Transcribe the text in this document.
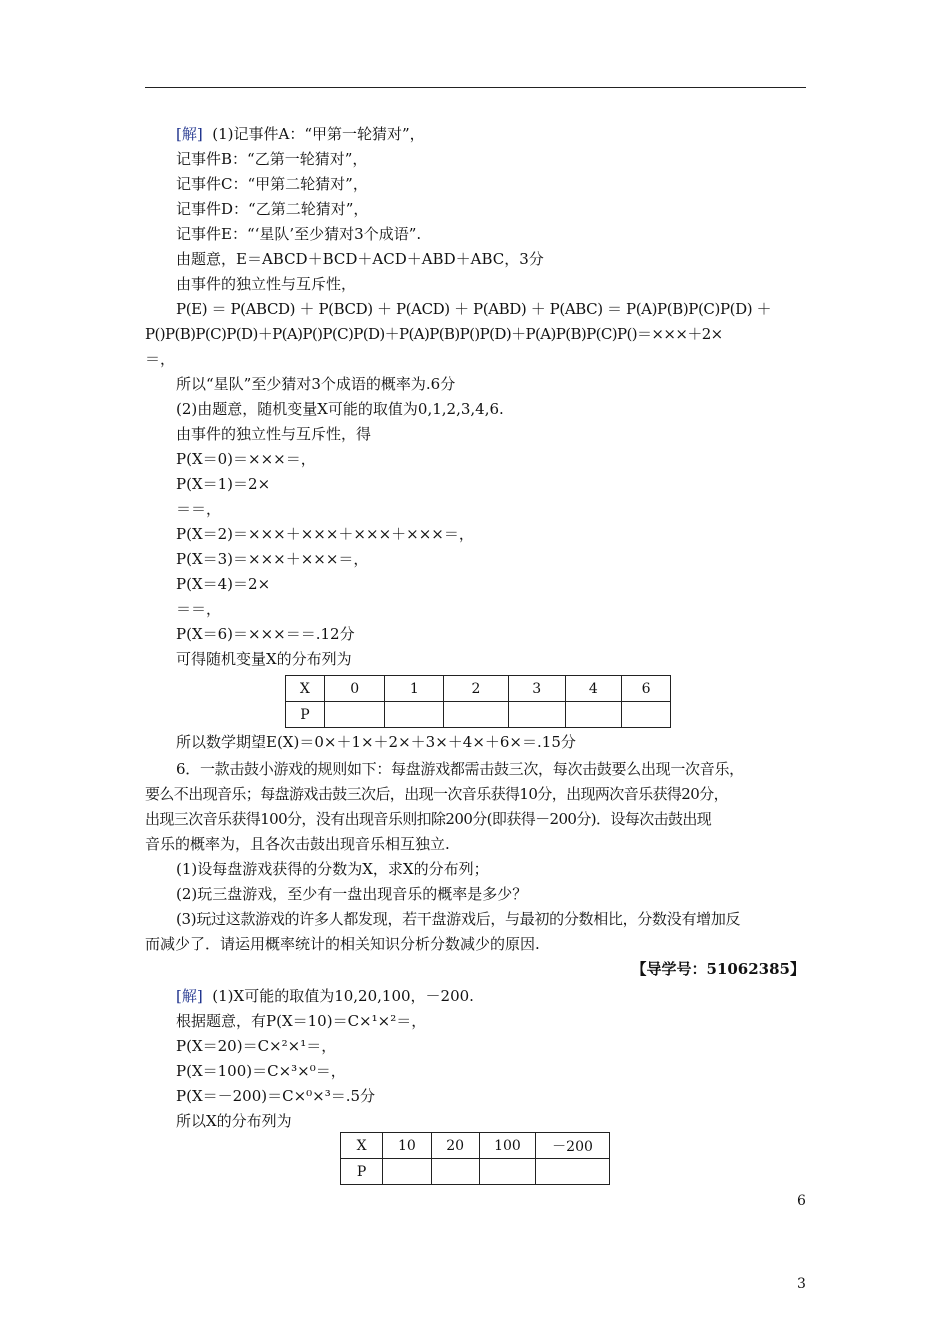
[解] (1)记事件A：“甲第一轮猜对”，
记事件B：“乙第一轮猜对”，
记事件C：“甲第二轮猜对”，
记事件D：“乙第二轮猜对”，
记事件E：“‘星队’至少猜对3个成语”.
由题意，E＝ABCD＋BCD＋ACD＋ABD＋ABC，3分
由事件的独立性与互斥性，
P(E) ＝ P(ABCD) ＋ P(BCD) ＋ P(ACD) ＋ P(ABD) ＋ P(ABC) ＝ P(A)P(B)P(C)P(D) ＋
P()P(B)P(C)P(D)＋P(A)P()P(C)P(D)＋P(A)P(B)P()P(D)＋P(A)P(B)P(C)P()＝×××＋2×
＝，
所以“星队”至少猜对3个成语的概率为.6分
(2)由题意，随机变量X可能的取值为0,1,2,3,4,6.
由事件的独立性与互斥性，得
P(X＝0)＝×××＝，
P(X＝1)＝2×
＝＝，
P(X＝2)＝×××＋×××＋×××＋×××＝，
P(X＝3)＝×××＋×××＝，
P(X＝4)＝2×
＝＝，
P(X＝6)＝×××＝＝.12分
可得随机变量X的分布列为
X	0	1	2	3	4	6
P						
所以数学期望E(X)＝0×＋1×＋2×＋3×＋4×＋6×＝.15分
6．一款击鼓小游戏的规则如下：每盘游戏都需击鼓三次，每次击鼓要么出现一次音乐，
要么不出现音乐；每盘游戏击鼓三次后，出现一次音乐获得10分，出现两次音乐获得20分，
出现三次音乐获得100分，没有出现音乐则扣除200分(即获得－200分)．设每次击鼓出现
音乐的概率为，且各次击鼓出现音乐相互独立.
(1)设每盘游戏获得的分数为X，求X的分布列；
(2)玩三盘游戏，至少有一盘出现音乐的概率是多少？
(3)玩过这款游戏的许多人都发现，若干盘游戏后，与最初的分数相比，分数没有增加反
而减少了．请运用概率统计的相关知识分析分数减少的原因.
【导学号：51062385】
[解] (1)X可能的取值为10,20,100，－200.
根据题意，有P(X＝10)＝C×¹×²＝，
P(X＝20)＝C×²×¹＝，
P(X＝100)＝C×³×⁰＝，
P(X＝－200)＝C×⁰×³＝.5分
所以X的分布列为
X	10	20	100	－200
P				
6
3
